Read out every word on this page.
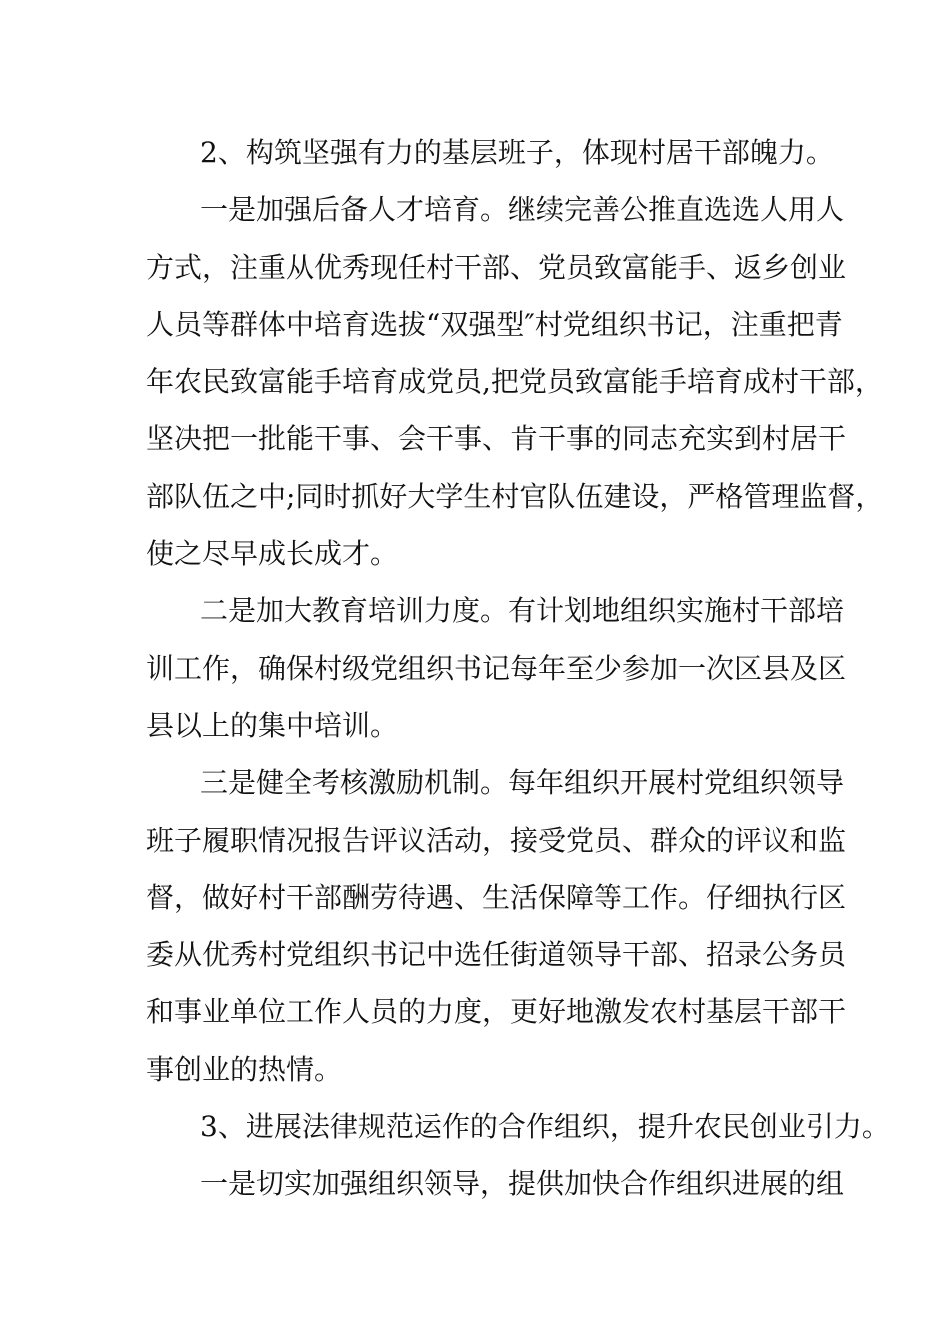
2、构筑坚强有力的基层班子，体现村居干部魄力。
一是加强后备人才培育。继续完善公推直选选人用人
方式，注重从优秀现任村干部、党员致富能手、返乡创业
人员等群体中培育选拔“双强型″村党组织书记，注重把青
年农民致富能手培育成党员,把党员致富能手培育成村干部，
坚决把一批能干事、会干事、肯干事的同志充实到村居干
部队伍之中;同时抓好大学生村官队伍建设，严格管理监督，
使之尽早成长成才。
二是加大教育培训力度。有计划地组织实施村干部培
训工作，确保村级党组织书记每年至少参加一次区县及区
县以上的集中培训。
三是健全考核激励机制。每年组织开展村党组织领导
班子履职情况报告评议活动，接受党员、群众的评议和监
督，做好村干部酬劳待遇、生活保障等工作。仔细执行区
委从优秀村党组织书记中选任街道领导干部、招录公务员
和事业单位工作人员的力度，更好地激发农村基层干部干
事创业的热情。
3、进展法律规范运作的合作组织，提升农民创业引力。
一是切实加强组织领导，提供加快合作组织进展的组
